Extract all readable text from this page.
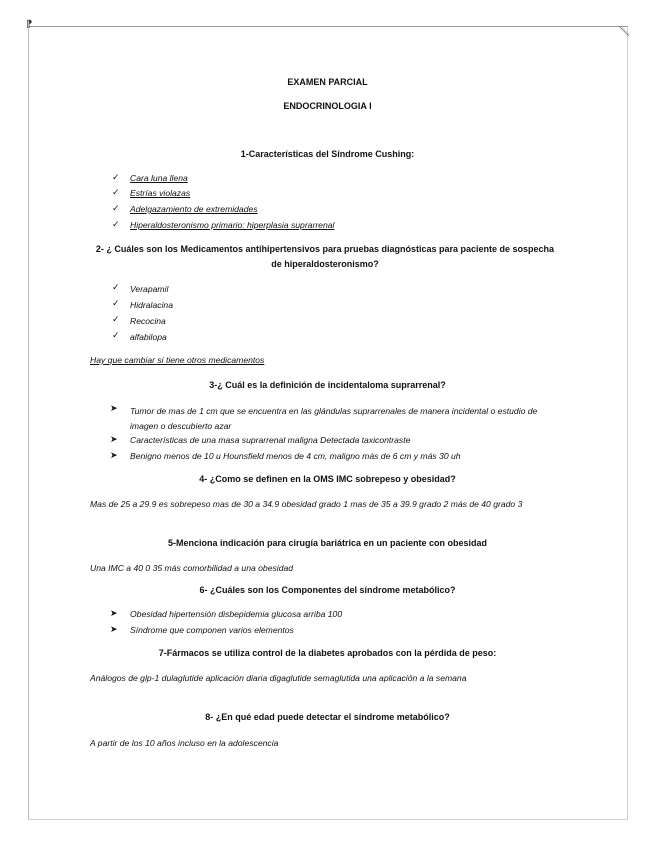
⁋
EXAMEN PARCIAL
ENDOCRINOLOGIA I
1-Características del Síndrome Cushing:
✓ Cara luna llena
✓ Estrías violazas
✓ Adelgazamiento de extremidades
✓ Hiperaldosteronismo primario: hiperplasia suprarrenal
2- ¿ Cuáles son los Medicamentos antihipertensivos para pruebas diagnósticas para paciente de sospecha de hiperaldosteronismo?
✓ Verapamil
✓ Hidralacina
✓ Recocina
✓ alfabilopa
Hay que cambiar si tiene otros medicamentos
3-¿ Cuál es la definición de incidentaloma suprarrenal?
➤ Tumor de mas de 1 cm que se encuentra en las glándulas suprarrenales de manera incidental o estudio de imagen o descubierto azar
➤ Características de una masa suprarrenal maligna Detectada taxicontraste
➤ Benigno menos de 10 u Hounsfield menos de 4 cm, maligno más de 6 cm y más 30 uh
4- ¿Como se definen en la OMS IMC sobrepeso y obesidad?
Mas de 25 a 29.9 es sobrepeso mas de 30 a 34.9 obesidad grado 1 mas de 35 a 39.9 grado 2 más de 40 grado 3
5-Menciona indicación para cirugía bariátrica en un paciente con obesidad
Una IMC a 40 0 35 más comorbilidad a una obesidad
6- ¿Cuáles son los Componentes del síndrome metabólico?
➤ Obesidad hipertensión disbepidemia glucosa arriba 100
➤ Síndrome que componen varios elementos
7-Fármacos se utiliza control de la diabetes aprobados con la pérdida de peso:
Análogos de glp-1 dulaglutide aplicación diaria digaglutide semaglutida una aplicación a la semana
8- ¿En qué edad puede detectar el síndrome metabólico?
A partir de los 10 años incluso en la adolescencia
